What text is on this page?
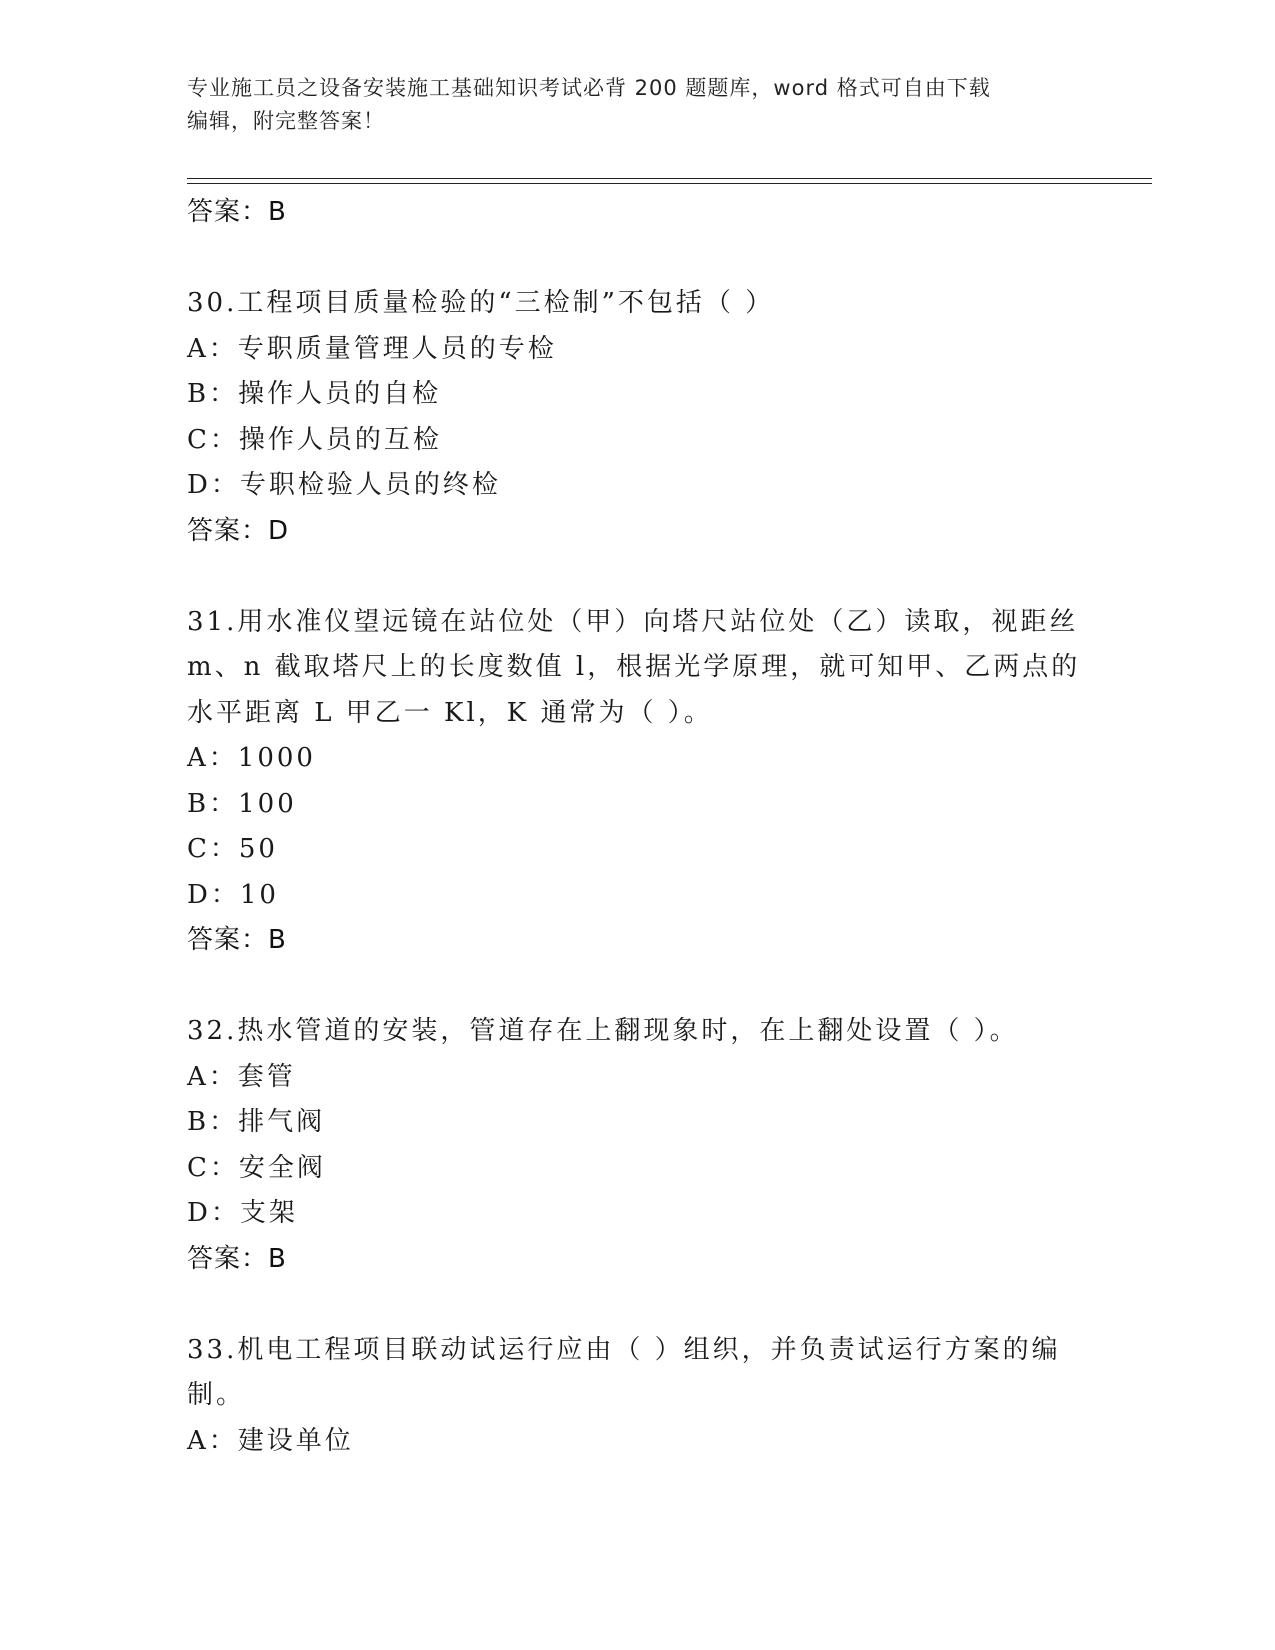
专业施工员之设备安装施工基础知识考试必背 200 题题库，word 格式可自由下载
编辑，附完整答案！
答案：B
30.工程项目质量检验的“三检制”不包括（ ）
A：专职质量管理人员的专检
B：操作人员的自检
C：操作人员的互检
D：专职检验人员的终检
答案：D
31.用水准仪望远镜在站位处（甲）向塔尺站位处（乙）读取，视距丝
m、n 截取塔尺上的长度数值 l，根据光学原理，就可知甲、乙两点的
水平距离 L 甲乙一 Kl，K 通常为（ ）。
A：1000
B：100
C：50
D：10
答案：B
32.热水管道的安装，管道存在上翻现象时，在上翻处设置（ ）。
A：套管
B：排气阀
C：安全阀
D：支架
答案：B
33.机电工程项目联动试运行应由（ ）组织，并负责试运行方案的编
制。
A：建设单位
